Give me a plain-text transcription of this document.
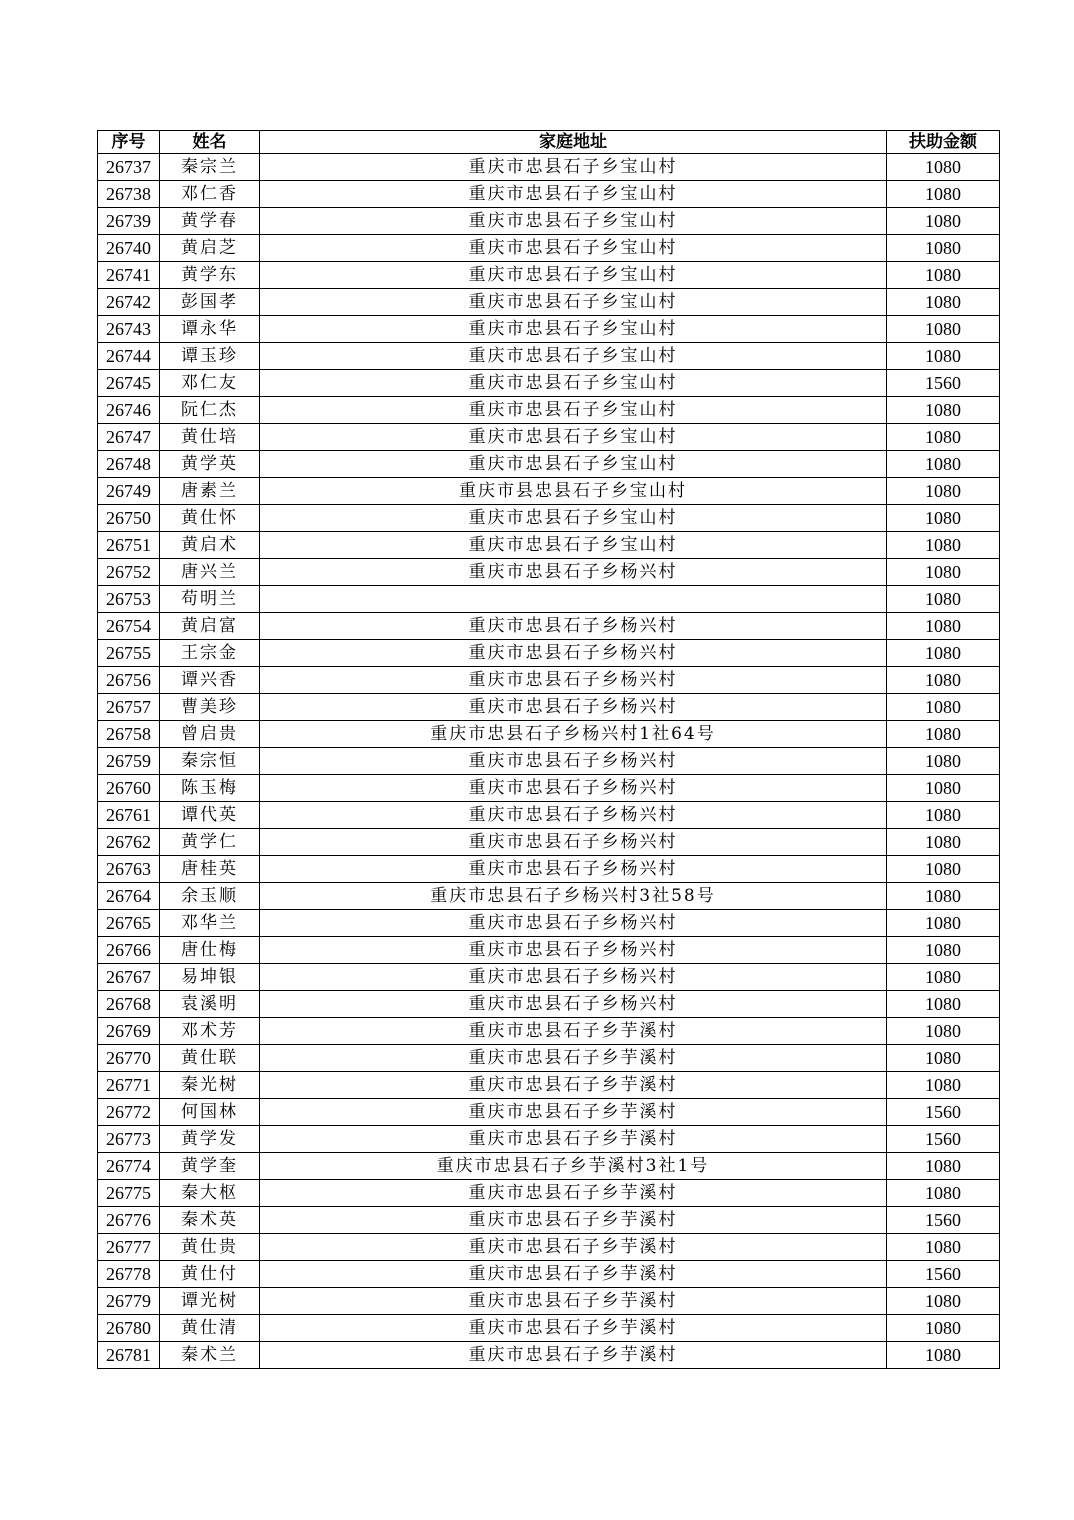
序号	姓名	家庭地址	扶助金额
26737	秦宗兰	重庆市忠县石子乡宝山村	1080
26738	邓仁香	重庆市忠县石子乡宝山村	1080
26739	黄学春	重庆市忠县石子乡宝山村	1080
26740	黄启芝	重庆市忠县石子乡宝山村	1080
26741	黄学东	重庆市忠县石子乡宝山村	1080
26742	彭国孝	重庆市忠县石子乡宝山村	1080
26743	谭永华	重庆市忠县石子乡宝山村	1080
26744	谭玉珍	重庆市忠县石子乡宝山村	1080
26745	邓仁友	重庆市忠县石子乡宝山村	1560
26746	阮仁杰	重庆市忠县石子乡宝山村	1080
26747	黄仕培	重庆市忠县石子乡宝山村	1080
26748	黄学英	重庆市忠县石子乡宝山村	1080
26749	唐素兰	重庆市县忠县石子乡宝山村	1080
26750	黄仕怀	重庆市忠县石子乡宝山村	1080
26751	黄启术	重庆市忠县石子乡宝山村	1080
26752	唐兴兰	重庆市忠县石子乡杨兴村	1080
26753	苟明兰		1080
26754	黄启富	重庆市忠县石子乡杨兴村	1080
26755	王宗金	重庆市忠县石子乡杨兴村	1080
26756	谭兴香	重庆市忠县石子乡杨兴村	1080
26757	曹美珍	重庆市忠县石子乡杨兴村	1080
26758	曾启贵	重庆市忠县石子乡杨兴村1社64号	1080
26759	秦宗恒	重庆市忠县石子乡杨兴村	1080
26760	陈玉梅	重庆市忠县石子乡杨兴村	1080
26761	谭代英	重庆市忠县石子乡杨兴村	1080
26762	黄学仁	重庆市忠县石子乡杨兴村	1080
26763	唐桂英	重庆市忠县石子乡杨兴村	1080
26764	余玉顺	重庆市忠县石子乡杨兴村3社58号	1080
26765	邓华兰	重庆市忠县石子乡杨兴村	1080
26766	唐仕梅	重庆市忠县石子乡杨兴村	1080
26767	易坤银	重庆市忠县石子乡杨兴村	1080
26768	袁溪明	重庆市忠县石子乡杨兴村	1080
26769	邓术芳	重庆市忠县石子乡芋溪村	1080
26770	黄仕联	重庆市忠县石子乡芋溪村	1080
26771	秦光树	重庆市忠县石子乡芋溪村	1080
26772	何国林	重庆市忠县石子乡芋溪村	1560
26773	黄学发	重庆市忠县石子乡芋溪村	1560
26774	黄学奎	重庆市忠县石子乡芋溪村3社1号	1080
26775	秦大枢	重庆市忠县石子乡芋溪村	1080
26776	秦术英	重庆市忠县石子乡芋溪村	1560
26777	黄仕贵	重庆市忠县石子乡芋溪村	1080
26778	黄仕付	重庆市忠县石子乡芋溪村	1560
26779	谭光树	重庆市忠县石子乡芋溪村	1080
26780	黄仕清	重庆市忠县石子乡芋溪村	1080
26781	秦术兰	重庆市忠县石子乡芋溪村	1080
